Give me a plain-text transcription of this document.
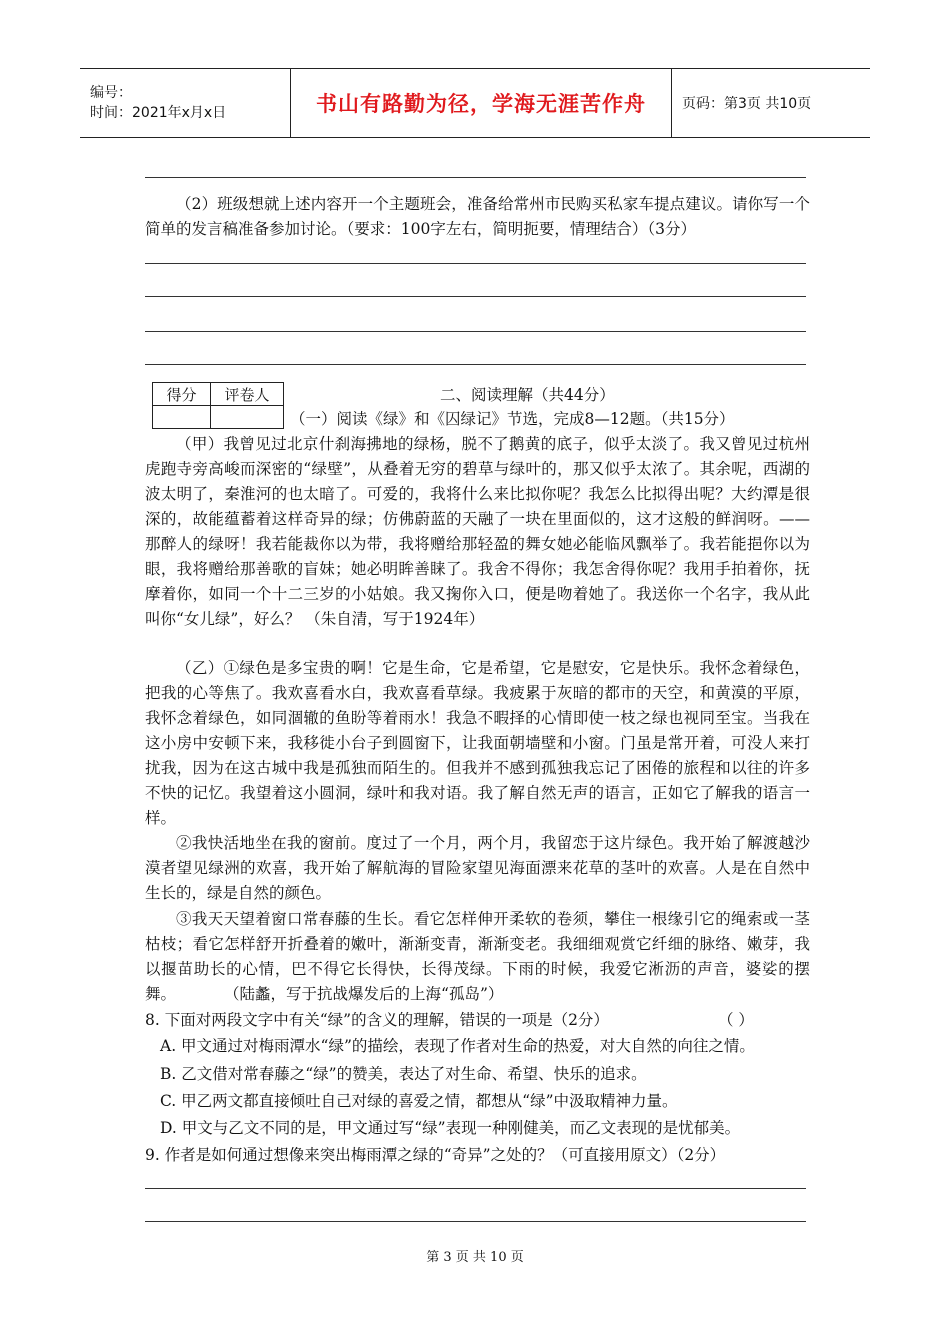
编号：
时间：2021年x月x日	书山有路勤为径，学海无涯苦作舟	页码：第3页 共10页
（2）班级想就上述内容开一个主题班会，准备给常州市民购买私家车提点建议。请你写一个简单的发言稿准备参加讨论。（要求：100字左右，简明扼要，情理结合）（3分）
得分	评卷人
		二、阅读理解（共44分）
（一）阅读《绿》和《囚绿记》节选，完成8—12题。（共15分）
（甲）我曾见过北京什刹海拂地的绿杨，脱不了鹅黄的底子，似乎太淡了。我又曾见过杭州虎跑寺旁高峻而深密的“绿壁”，从叠着无穷的碧草与绿叶的，那又似乎太浓了。其余呢，西湖的波太明了，秦淮河的也太暗了。可爱的，我将什么来比拟你呢？我怎么比拟得出呢？大约潭是很深的，故能蕴蓄着这样奇异的绿；仿佛蔚蓝的天融了一块在里面似的，这才这般的鲜润呀。——那醉人的绿呀！我若能裁你以为带，我将赠给那轻盈的舞女她必能临风飘举了。我若能挹你以为眼，我将赠给那善歌的盲妹；她必明眸善睐了。我舍不得你；我怎舍得你呢？我用手拍着你，抚摩着你，如同一个十二三岁的小姑娘。我又掬你入口，便是吻着她了。我送你一个名字，我从此叫你“女儿绿”，好么？ （朱自清，写于1924年）
（乙）①绿色是多宝贵的啊！它是生命，它是希望，它是慰安，它是快乐。我怀念着绿色，把我的心等焦了。我欢喜看水白，我欢喜看草绿。我疲累于灰暗的都市的天空，和黄漠的平原，我怀念着绿色，如同涸辙的鱼盼等着雨水！我急不暇择的心情即使一枝之绿也视同至宝。当我在这小房中安顿下来，我移徙小台子到圆窗下，让我面朝墙壁和小窗。门虽是常开着，可没人来打扰我，因为在这古城中我是孤独而陌生的。但我并不感到孤独我忘记了困倦的旅程和以往的许多不快的记忆。我望着这小圆洞，绿叶和我对语。我了解自然无声的语言，正如它了解我的语言一样。
②我快活地坐在我的窗前。度过了一个月，两个月，我留恋于这片绿色。我开始了解渡越沙漠者望见绿洲的欢喜，我开始了解航海的冒险家望见海面漂来花草的茎叶的欢喜。人是在自然中生长的，绿是自然的颜色。
③我天天望着窗口常春藤的生长。看它怎样伸开柔软的卷须，攀住一根缘引它的绳索或一茎枯枝；看它怎样舒开折叠着的嫩叶，渐渐变青，渐渐变老。我细细观赏它纤细的脉络、嫩芽，我以揠苗助长的心情，巴不得它长得快，长得茂绿。下雨的时候，我爱它淅沥的声音，婆娑的摆舞。	（陆蠡，写于抗战爆发后的上海“孤岛”）
8. 下面对两段文字中有关“绿”的含义的理解，错误的一项是（2分）	（ ）
A. 甲文通过对梅雨潭水“绿”的描绘，表现了作者对生命的热爱，对大自然的向往之情。
B. 乙文借对常春藤之“绿”的赞美，表达了对生命、希望、快乐的追求。
C. 甲乙两文都直接倾吐自己对绿的喜爱之情，都想从“绿”中汲取精神力量。
D. 甲文与乙文不同的是，甲文通过写“绿”表现一种刚健美，而乙文表现的是忧郁美。
9. 作者是如何通过想像来突出梅雨潭之绿的“奇异”之处的？（可直接用原文）（2分）
第 3 页 共 10 页
